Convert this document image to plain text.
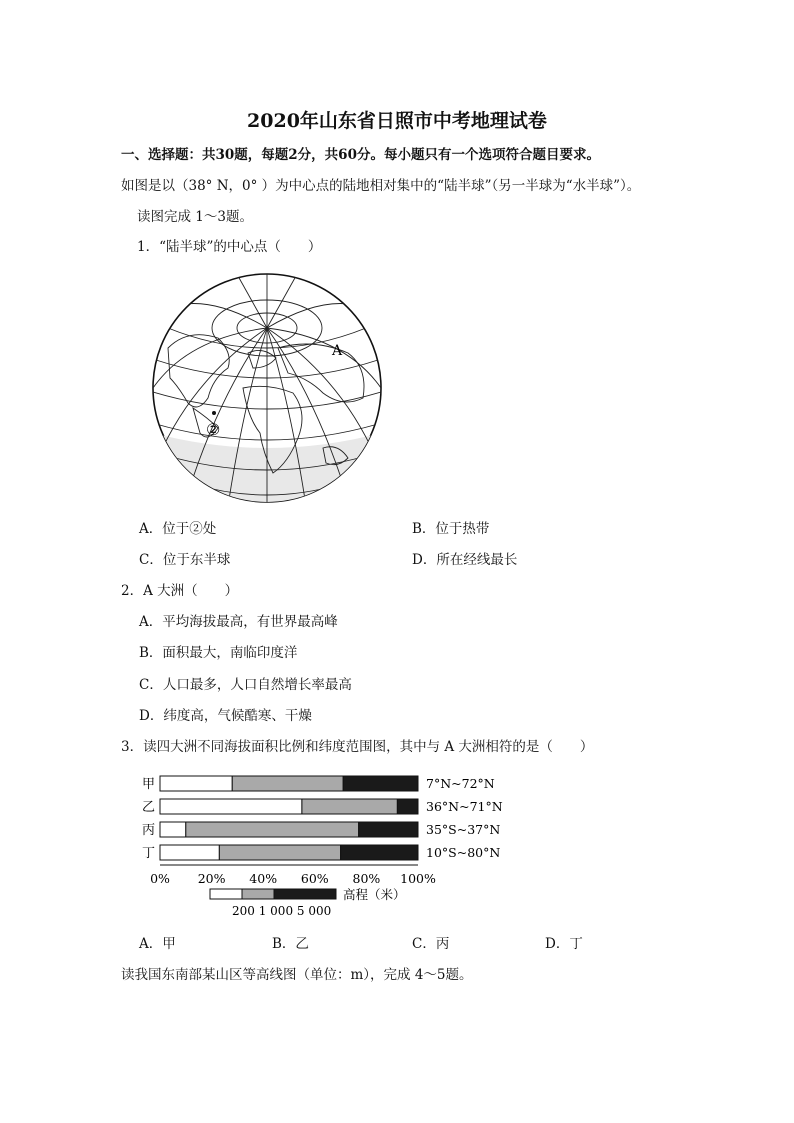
2020年山东省日照市中考地理试卷
一、选择题：共30题，每题2分，共60分。每小题只有一个选项符合题目要求。
如图是以（38° N，0° ）为中心点的陆地相对集中的“陆半球”（另一半球为“水半球”）。
读图完成 1～3题。
1．“陆半球”的中心点（　　）
A
②
A．位于②处	B．位于热带
C．位于东半球	D．所在经线最长
2．A 大洲（　　）
A．平均海拔最高，有世界最高峰
B．面积最大，南临印度洋
C．人口最多，人口自然增长率最高
D．纬度高，气候酷寒、干燥
3．读四大洲不同海拔面积比例和纬度范围图，其中与 A 大洲相符的是（　　）
甲	7°N~72°N
乙	36°N~71°N
丙	35°S~37°N
丁	10°S~80°N
0% 20% 40% 60% 80% 100%
200 1 000 5 000
高程（米）
A．甲	B．乙	C．丙	D．丁
读我国东南部某山区等高线图（单位：m），完成 4～5题。
